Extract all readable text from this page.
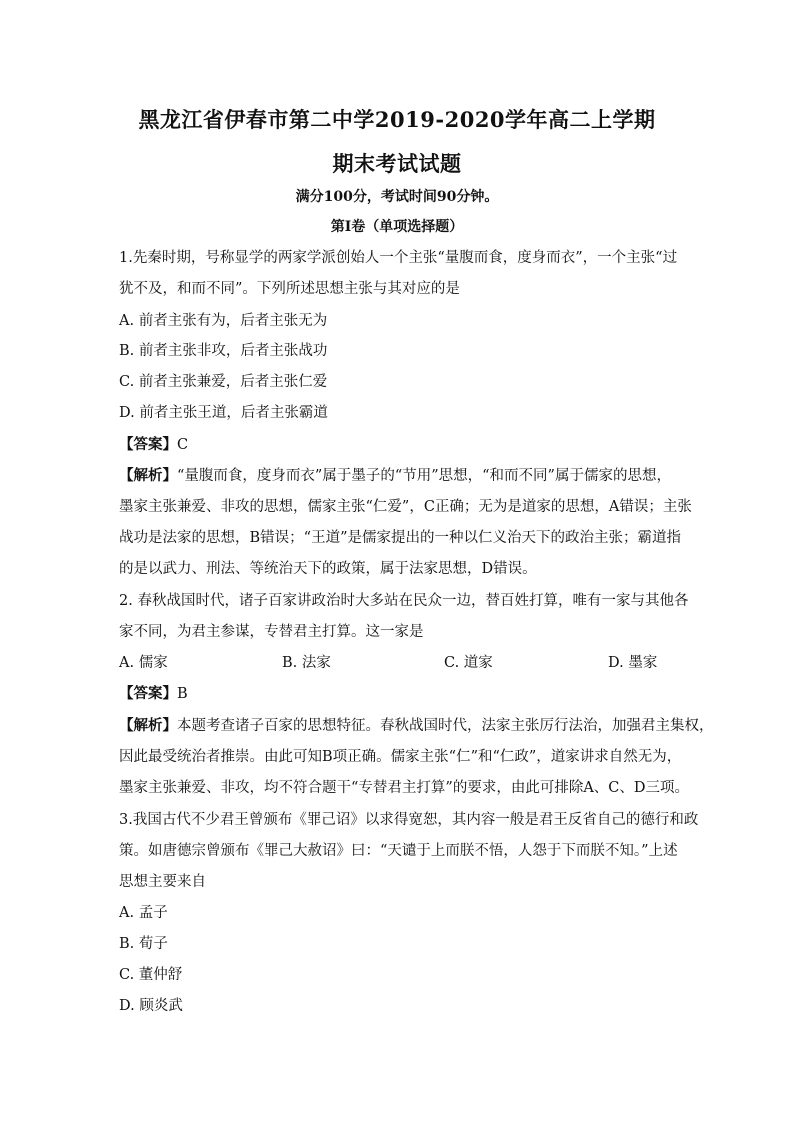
黑龙江省伊春市第二中学2019-2020学年高二上学期
期末考试试题
满分100分，考试时间90分钟。
第Ⅰ卷（单项选择题）
1.先秦时期，号称显学的两家学派创始人一个主张“量腹而食，度身而衣”，一个主张“过
犹不及，和而不同”。下列所述思想主张与其对应的是
A. 前者主张有为，后者主张无为
B. 前者主张非攻，后者主张战功
C. 前者主张兼爱，后者主张仁爱
D. 前者主张王道，后者主张霸道
【答案】C
【解析】“量腹而食，度身而衣”属于墨子的“节用”思想，“和而不同”属于儒家的思想，
墨家主张兼爱、非攻的思想，儒家主张“仁爱”，C正确；无为是道家的思想，A错误；主张
战功是法家的思想，B错误；“王道”是儒家提出的一种以仁义治天下的政治主张；霸道指
的是以武力、刑法、等统治天下的政策，属于法家思想，D错误。
2. 春秋战国时代，诸子百家讲政治时大多站在民众一边，替百姓打算，唯有一家与其他各
家不同，为君主参谋，专替君主打算。这一家是
A. 儒家	B. 法家	C. 道家	D. 墨家
【答案】B
【解析】本题考查诸子百家的思想特征。春秋战国时代，法家主张厉行法治，加强君主集权，
因此最受统治者推崇。由此可知B项正确。儒家主张“仁”和“仁政”，道家讲求自然无为，
墨家主张兼爱、非攻，均不符合题干“专替君主打算”的要求，由此可排除A、C、D三项。
3.我国古代不少君王曾颁布《罪己诏》以求得宽恕，其内容一般是君王反省自己的德行和政
策。如唐德宗曾颁布《罪己大赦诏》曰：“天谴于上而朕不悟，人怨于下而朕不知。”上述
思想主要来自
A. 孟子
B. 荀子
C. 董仲舒
D. 顾炎武
